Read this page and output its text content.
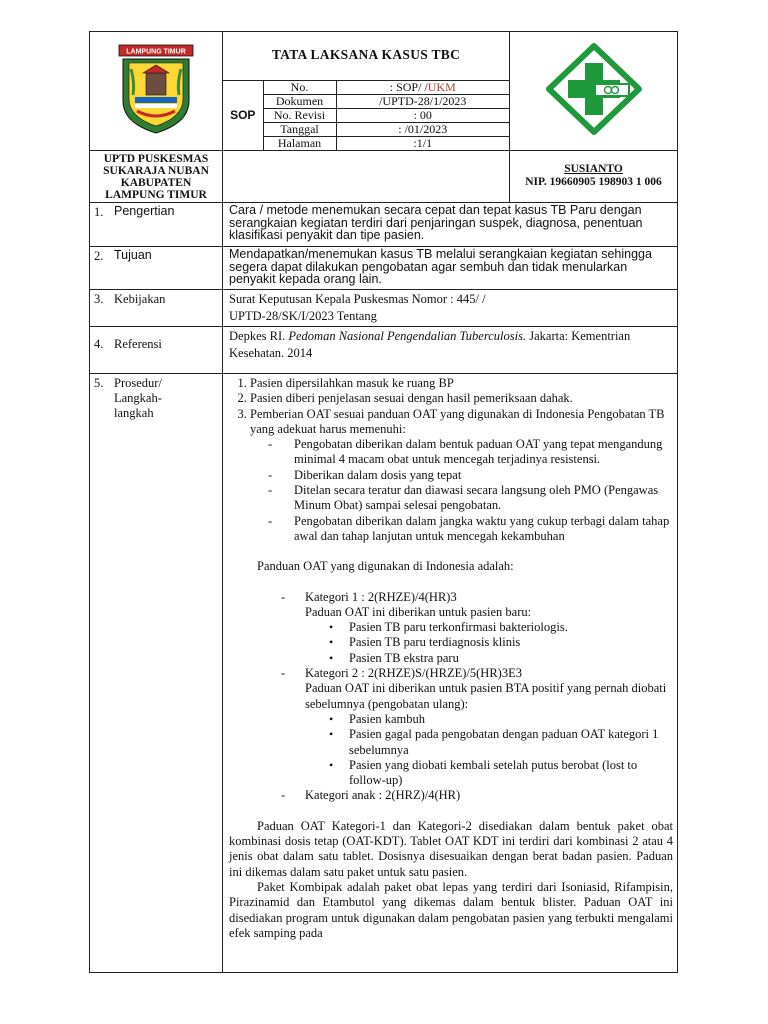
LAMPUNG TIMUR	TATA LAKSANA KASUS TBC
SOP	No.	: SOP/ /UKM
Dokumen	/UPTD-28/1/2023
No. Revisi	: 00
Tanggal	: /01/2023
Halaman	:1/1

UPTD PUSKESMAS
SUKARAJA NUBAN
KABUPATEN
LAMPUNG TIMUR

SUSIANTO
NIP. 19660905 198903 1 006
1. Pengertian	Cara / metode menemukan secara cepat dan tepat kasus TB Paru dengan serangkaian kegiatan terdiri dari penjaringan suspek, diagnosa, penentuan klasifikasi penyakit dan tipe pasien.
2. Tujuan	Mendapatkan/menemukan kasus TB melalui serangkaian kegiatan sehingga segera dapat dilakukan pengobatan agar sembuh dan tidak menularkan penyakit kepada orang lain.
3. Kebijakan	Surat Keputusan Kepala Puskesmas Nomor : 445/ /
UPTD-28/SK/I/2023 Tentang

4. Referensi	Depkes RI. Pedoman Nasional Pengendalian Tuberculosis. Jakarta: Kementrian Kesehatan. 2014
5. Prosedur/
Langkah-
langkah

1. Pasien dipersilahkan masuk ke ruang BP
2. Pasien diberi penjelasan sesuai dengan hasil pemeriksaan dahak.
3. Pemberian OAT sesuai panduan OAT yang digunakan di Indonesia Pengobatan TB yang adekuat harus memenuhi:
- Pengobatan diberikan dalam bentuk paduan OAT yang tepat mengandung minimal 4 macam obat untuk mencegah terjadinya resistensi.
- Diberikan dalam dosis yang tepat
- Ditelan secara teratur dan diawasi secara langsung oleh PMO (Pengawas Minum Obat) sampai selesai pengobatan.
- Pengobatan diberikan dalam jangka waktu yang cukup terbagi dalam tahap awal dan tahap lanjutan untuk mencegah kekambuhan
Panduan OAT yang digunakan di Indonesia adalah:
- Kategori 1 : 2(RHZE)/4(HR)3
Paduan OAT ini diberikan untuk pasien baru:
• Pasien TB paru terkonfirmasi bakteriologis.
• Pasien TB paru terdiagnosis klinis
• Pasien TB ekstra paru
- Kategori 2 : 2(RHZE)S/(HRZE)/5(HR)3E3
Paduan OAT ini diberikan untuk pasien BTA positif yang pernah diobati sebelumnya (pengobatan ulang):
• Pasien kambuh
• Pasien gagal pada pengobatan dengan paduan OAT kategori 1 sebelumnya
• Pasien yang diobati kembali setelah putus berobat (lost to follow-up)
- Kategori anak : 2(HRZ)/4(HR)

Paduan OAT Kategori-1 dan Kategori-2 disediakan dalam bentuk paket obat kombinasi dosis tetap (OAT-KDT). Tablet OAT KDT ini terdiri dari kombinasi 2 atau 4 jenis obat dalam satu tablet. Dosisnya disesuaikan dengan berat badan pasien. Paduan ini dikemas dalam satu paket untuk satu pasien.

Paket Kombipak adalah paket obat lepas yang terdiri dari Isoniasid, Rifampisin, Pirazinamid dan Etambutol yang dikemas dalam bentuk blister. Paduan OAT ini disediakan program untuk digunakan dalam pengobatan pasien yang terbukti mengalami efek samping pada
